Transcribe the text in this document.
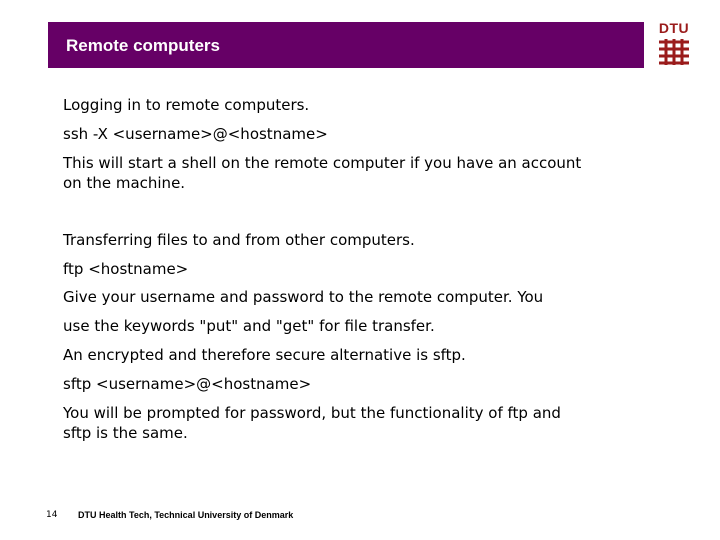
Remote computers
DTU
Logging in to remote computers.
ssh -X <username>@<hostname>
This will start a shell on the remote computer if you have an account
on the machine.
Transferring files to and from other computers.
ftp <hostname>
Give your username and password to the remote computer. You
use the keywords "put" and "get" for file transfer.
An encrypted and therefore secure alternative is sftp.
sftp <username>@<hostname>
You will be prompted for password, but the functionality of ftp and
sftp is the same.
14 DTU Health Tech, Technical University of Denmark
